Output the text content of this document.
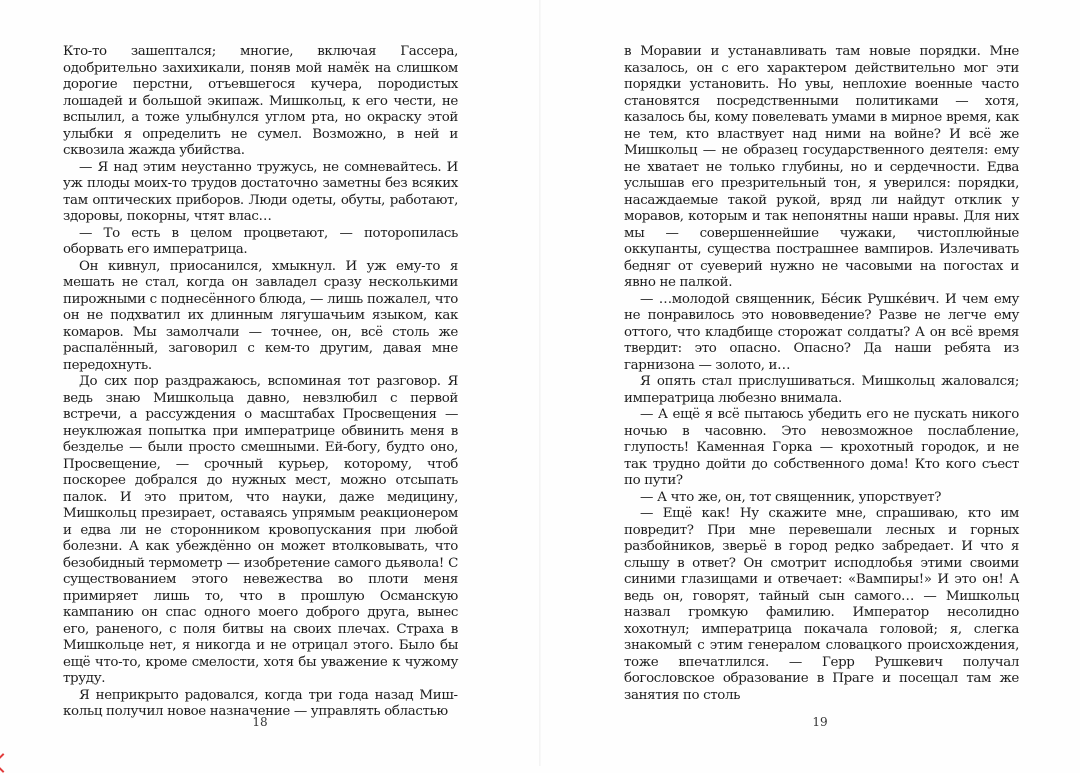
Кто-то зашептался; многие, включая Гассера, одобрительно захихикали, поняв мой намёк на слишком дорогие перстни, отъевшегося кучера, породистых лошадей и большой экипаж. Мишкольц, к его чести, не вспылил, а тоже улыбнулся углом рта, но окраску этой улыбки я определить не сумел. Возможно, в ней и сквозила жажда убийства.

— Я над этим неустанно тружусь, не сомневайтесь. И уж плоды моих-то трудов достаточно заметны без всяких там оптических приборов. Люди одеты, обуты, работают, здоровы, покорны, чтят влас…

— То есть в целом процветают, — поторопилась оборвать его императрица.

Он кивнул, приосанился, хмыкнул. И уж ему-то я мешать не стал, когда он завладел сразу несколькими пирожными с поднесённого блюда, — лишь пожалел, что он не подхватил их длинным лягушачьим языком, как комаров. Мы замолчали — точнее, он, всё столь же распалённый, заговорил с кем-то другим, давая мне передохнуть.

До сих пор раздражаюсь, вспоминая тот разговор. Я ведь знаю Мишкольца давно, невзлюбил с первой встречи, а рассуждения о масштабах Просвещения — неуклюжая попытка при императрице обвинить меня в безделье — были просто смешными. Ей-богу, будто оно, Просвещение, — срочный курьер, которому, чтоб поскорее добрался до нужных мест, можно отсыпать палок. И это притом, что науки, даже медицину, Мишкольц презирает, оставаясь упрямым реакционером и едва ли не сторонником кровопускания при любой болезни. А как убеждённо он может втолковывать, что безобидный термометр — изобретение самого дьявола! С существованием этого невежества во плоти меня примиряет лишь то, что в прошлую Османскую кампанию он спас одного моего доброго друга, вынес его, раненого, с поля битвы на своих плечах. Страха в Мишкольце нет, я никогда и не отрицал этого. Было бы ещё что-то, кроме смелости, хотя бы уважение к чужому труду.

Я неприкрыто радовался, когда три года назад Мишкольц получил новое назначение — управлять областью

18

в Моравии и устанавливать там новые порядки. Мне казалось, он с его характером действительно мог эти порядки установить. Но увы, неплохие военные часто становятся посредственными политиками — хотя, казалось бы, кому повелевать умами в мирное время, как не тем, кто властвует над ними на войне? И всё же Мишкольц — не образец государственного деятеля: ему не хватает не только глубины, но и сердечности. Едва услышав его презрительный тон, я уверился: порядки, насаждаемые такой рукой, вряд ли найдут отклик у моравов, которым и так непонятны наши нравы. Для них мы — совершеннейшие чужаки, чистоплюйные оккупанты, существа пострашнее вампиров. Излечивать бедняг от суеверий нужно не часовыми на погостах и явно не палкой.

— …молодой священник, Бéсик Рушкéвич. И чем ему не понравилось это нововведение? Разве не легче ему оттого, что кладбище сторожат солдаты? А он всё время твердит: это опасно. Опасно? Да наши ребята из гарнизона — золото, и…

Я опять стал прислушиваться. Мишкольц жаловался; императрица любезно внимала.

— А ещё я всё пытаюсь убедить его не пускать никого ночью в часовню. Это невозможное послабление, глупость! Каменная Горка — крохотный городок, и не так трудно дойти до собственного дома! Кто кого съест по пути?

— А что же, он, тот священник, упорствует?

— Ещё как! Ну скажите мне, спрашиваю, кто им повредит? При мне перевешали лесных и горных разбойников, зверьё в город редко забредает. И что я слышу в ответ? Он смотрит исподлобья этими своими синими глазищами и отвечает: «Вампиры!» И это он! А ведь он, говорят, тайный сын самого… — Мишкольц назвал громкую фамилию. Император несолидно хохотнул; императрица покачала головой; я, слегка знакомый с этим генералом словацкого происхождения, тоже впечатлился. — Герр Рушкевич получал богословское образование в Праге и посещал там же занятия по столь

19
